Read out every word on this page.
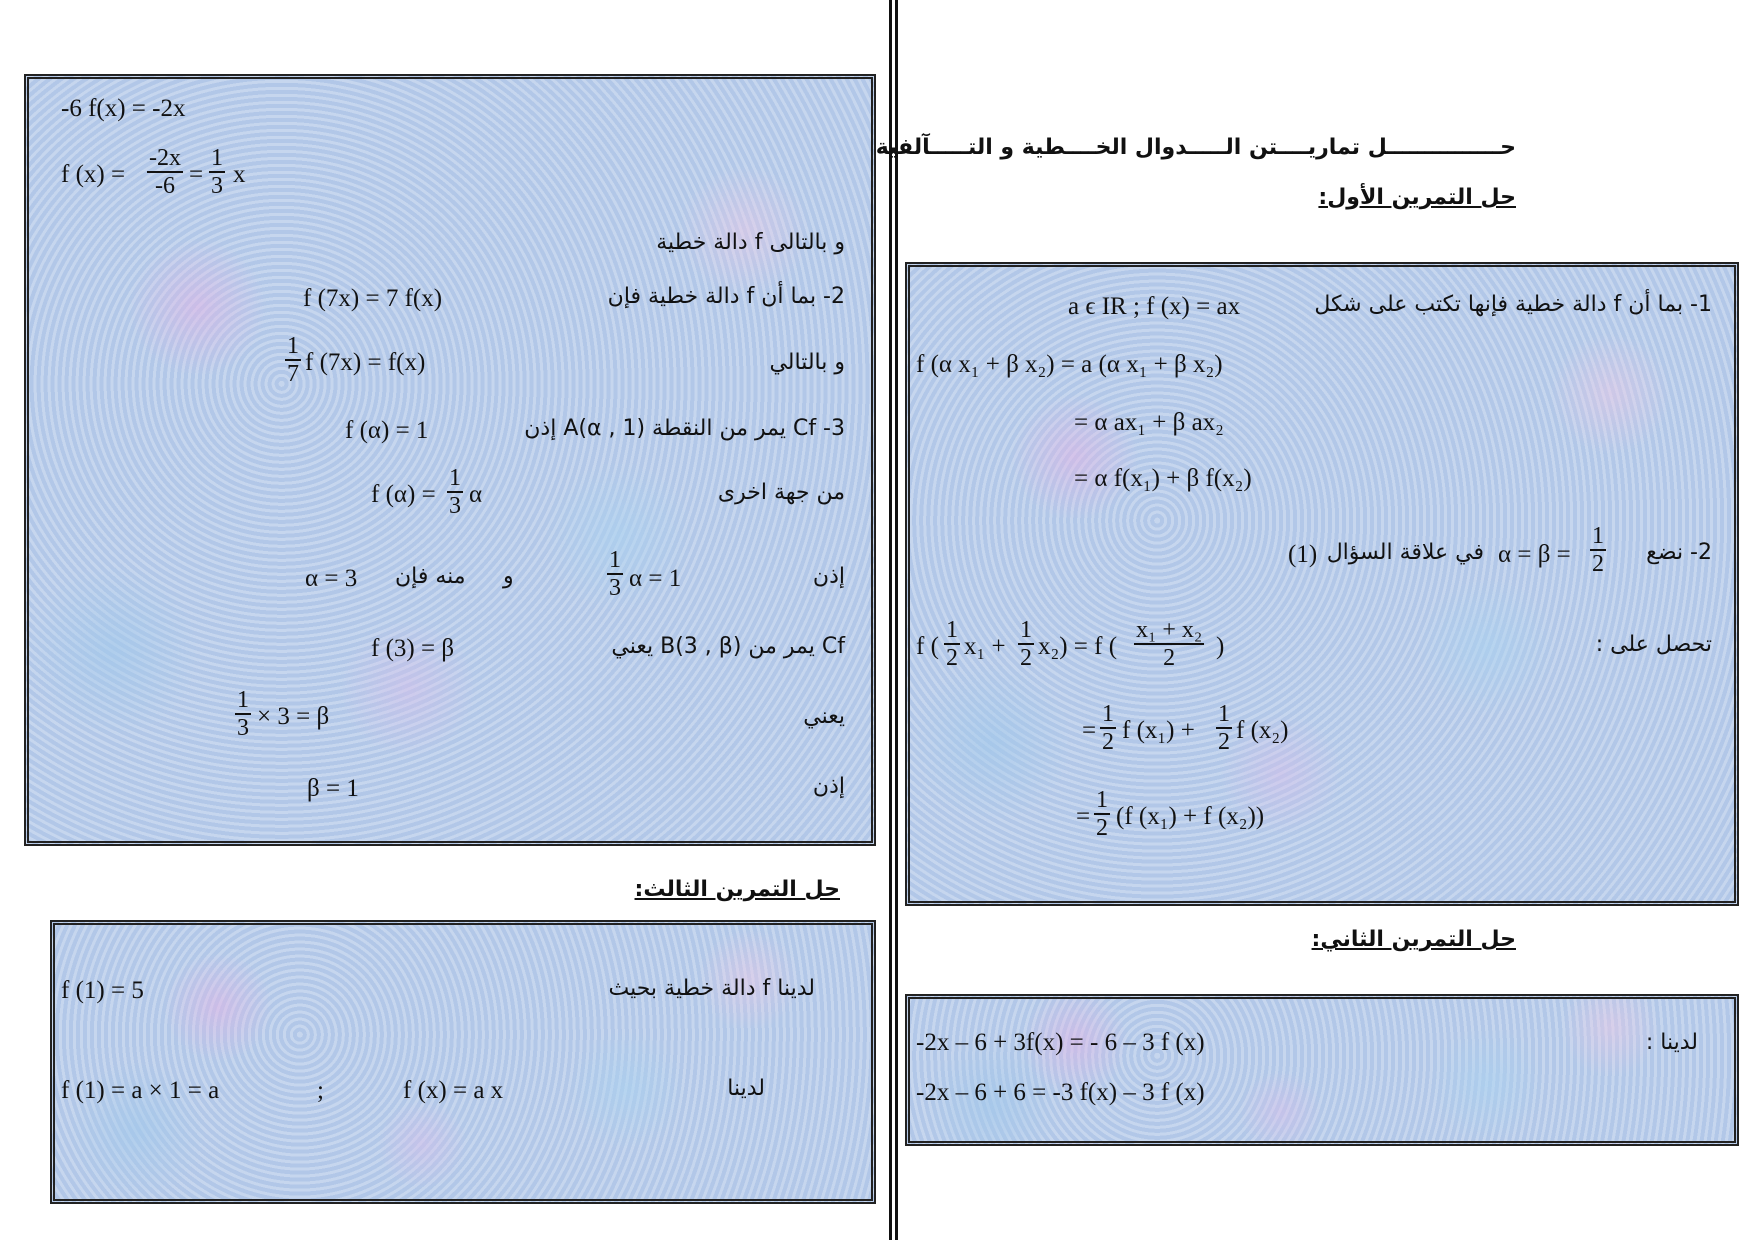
حـــــــــــــــل تماريــــتن الـــــدوال الخــــطية و التـــــآلفية
حل التمرين الأول:
1- بما أن f دالة خطية فإنها تكتب على شكل
a ϵ IR ; f (x) = ax
f (α x₁ + β x₂) = a (α x₁ + β x₂)
= α ax₁ + β ax₂
= α f(x₁) + β f(x₂)
2- نضع
$\frac{1}{2}$
α = β =
في علاقة السؤال
(1)
تحصل على :
f ( $\frac{1}{2} x_1 + \frac{1}{2} x_2) = f$ ( $\frac{\text{x₁ + x₂}}{2}$ )
= $\frac{1}{2}$ f $(x_1) + \frac{1}{2}$ f (x₂)
= $\frac{1}{2} (f$ (x₁) + f (x₂))
حل التمرين الثاني:
لدينا :
-2x – 6 + 3f(x) = - 6 – 3 f (x)
-2x – 6 + 6 = -3 f(x) – 3 f (x)
-6 f(x) = -2x
f $(x) = \frac{-2x}{-6} = \frac{1}{3}$ x
و بالتالى f دالة خطية
2- بما أن f دالة خطية فإن
f (7x) = 7 f(x)
و بالتالي
$\frac{1}{7}$ f (7x) = f(x)
3- Cf يمر من النقطة (1 , A(α إذن
f (α) = 1
من جهة اخرى
f $(\alpha) = \frac{1}{3}$ α
إذن
$\frac{1}{3}$ α = 1
و
منه فإن
α = 3
Cf يمر من (B(3 , β يعني
f (3) = β
يعني
$\frac{1}{3} \times 3 = \beta$
إذن
β = 1
حل التمرين الثالث:
لدينا f دالة خطية بحيث
f (1) = 5
لدينا
f (x) = a x
;
f (1) = a × 1 = a
